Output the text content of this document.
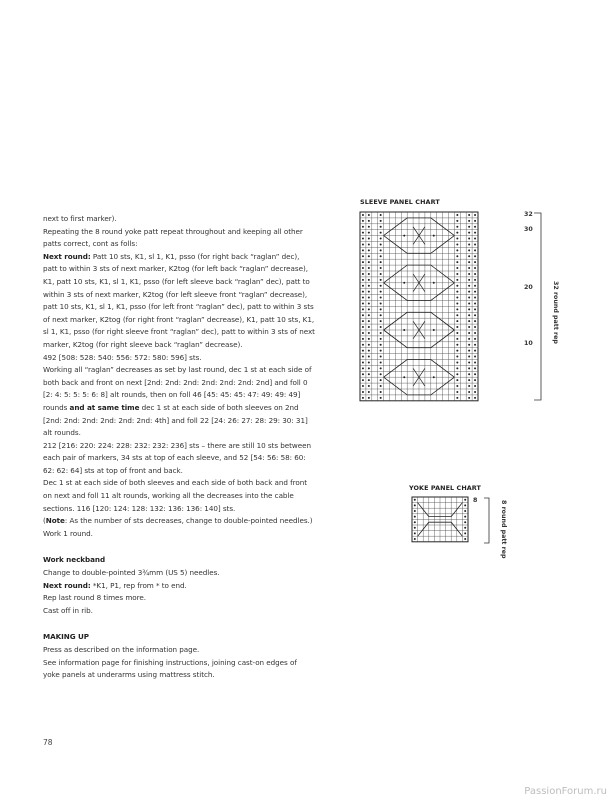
next to first marker).

Repeating the 8 round yoke patt repeat throughout and keeping all other patts correct, cont as folls:

Next round: Patt 10 sts, K1, sl 1, K1, psso (for right back “raglan” dec), patt to within 3 sts of next marker, K2tog (for left back “raglan” decrease), K1, patt 10 sts, K1, sl 1, K1, psso (for left sleeve back “raglan” dec), patt to within 3 sts of next marker, K2tog (for left sleeve front “raglan” decrease), patt 10 sts, K1, sl 1, K1, psso (for left front “raglan” dec), patt to within 3 sts of next marker, K2tog (for right front “raglan” decrease), K1, patt 10 sts, K1, sl 1, K1, psso (for right sleeve front “raglan” dec), patt to within 3 sts of next marker, K2tog (for right sleeve back “raglan” decrease).

492 [508: 528: 540: 556: 572: 580: 596] sts.

Working all “raglan” decreases as set by last round, dec 1 st at each side of both back and front on next [2nd: 2nd: 2nd: 2nd: 2nd: 2nd: 2nd] and foll 0 [2: 4: 5: 5: 5: 6: 8] alt rounds, then on foll 46 [45: 45: 45: 47: 49: 49: 49] rounds and at same time dec 1 st at each side of both sleeves on 2nd [2nd: 2nd: 2nd: 2nd: 2nd: 2nd: 4th] and foll 22 [24: 26: 27: 28: 29: 30: 31] alt rounds.

212 [216: 220: 224: 228: 232: 232: 236] sts – there are still 10 sts between each pair of markers, 34 sts at top of each sleeve, and 52 [54: 56: 58: 60: 62: 62: 64] sts at top of front and back.

Dec 1 st at each side of both sleeves and each side of both back and front on next and foll 11 alt rounds, working all the decreases into the cable sections. 116 [120: 124: 128: 132: 136: 136: 140] sts.

(Note: As the number of sts decreases, change to double-pointed needles.)

Work 1 round.

Work neckband

Change to double-pointed 3¾mm (US 5) needles.

Next round: *K1, P1, rep from * to end.

Rep last round 8 times more.

Cast off in rib.

MAKING UP

Press as described on the information page.

See information page for finishing instructions, joining cast-on edges of yoke panels at underarms using mattress stitch.

78
SLEEVE PANEL CHART
32
30
20
10	32 round patt rep
YOKE PANEL CHART
8	8 round patt rep
PassionForum.ru
